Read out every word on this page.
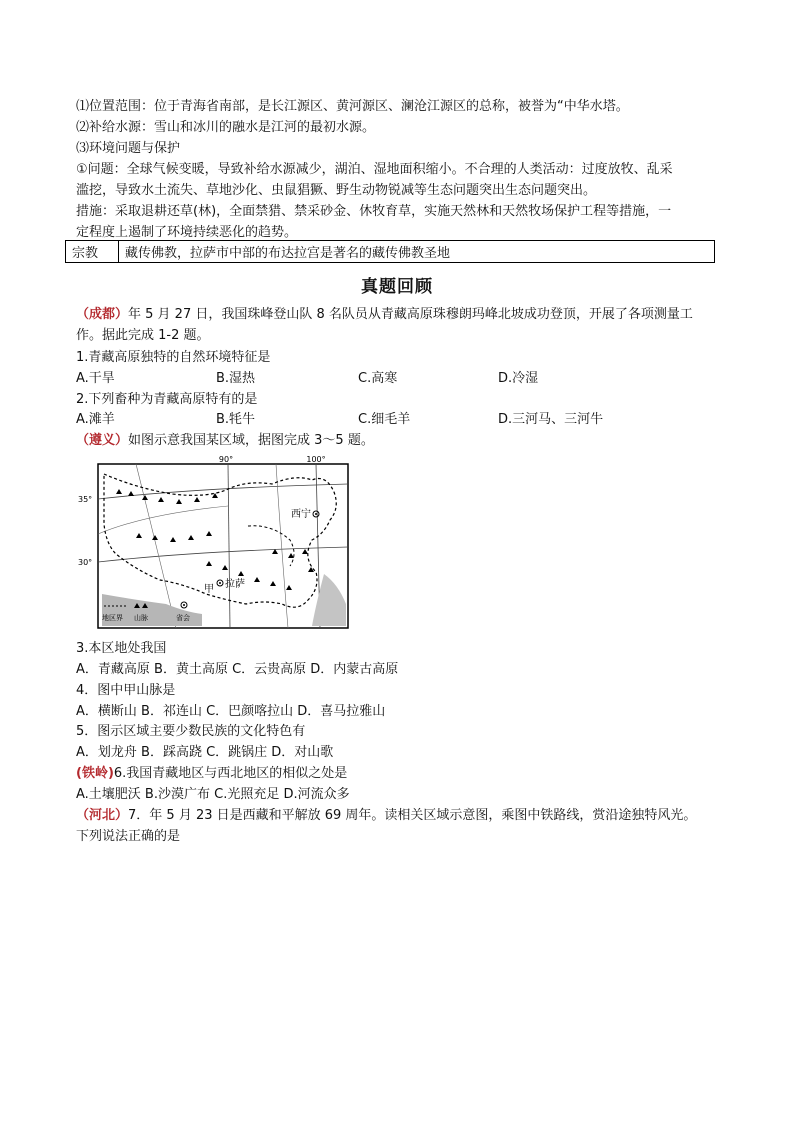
⑴位置范围：位于青海省南部，是长江源区、黄河源区、澜沧江源区的总称，被誉为“中华水塔。
⑵补给水源：雪山和冰川的融水是江河的最初水源。
⑶环境问题与保护
①问题：全球气候变暖，导致补给水源减少，湖泊、湿地面积缩小。不合理的人类活动：过度放牧、乱采
滥挖，导致水土流失、草地沙化、虫鼠猖獗、野生动物锐减等生态问题突出生态问题突出。
措施：采取退耕还草(林)，全面禁猎、禁采砂金、休牧育草，实施天然林和天然牧场保护工程等措施，一
定程度上遏制了环境持续恶化的趋势。
宗教	藏传佛教，拉萨市中部的布达拉宫是著名的藏传佛教圣地
真题回顾
（成都）年 5 月 27 日，我国珠峰登山队 8 名队员从青藏高原珠穆朗玛峰北坡成功登顶，开展了各项测量工
作。据此完成 1-2 题。
1.青藏高原独特的自然环境特征是
A.干旱	B.湿热	C.高寒	D.冷湿
2.下列畜种为青藏高原特有的是
A.滩羊	B.牦牛	C.细毛羊	D.三河马、三河牛
（遵义）如图示意我国某区域，据图完成 3～5 题。
90°	100°
35°
30°
西宁
拉萨
甲
地区界 山脉	省会
3.本区地处我国
A．青藏高原 B．黄土高原 C．云贵高原 D．内蒙古高原
4．图中甲山脉是
A．横断山 B．祁连山 C．巴颜喀拉山 D．喜马拉雅山
5．图示区域主要少数民族的文化特色有
A．划龙舟 B．踩高跷 C．跳锅庄 D．对山歌
(铁岭)6.我国青藏地区与西北地区的相似之处是
A.土壤肥沃 B.沙漠广布 C.光照充足 D.河流众多
（河北）7．年 5 月 23 日是西藏和平解放 69 周年。读相关区域示意图，乘图中铁路线，赏沿途独特风光。
下列说法正确的是
